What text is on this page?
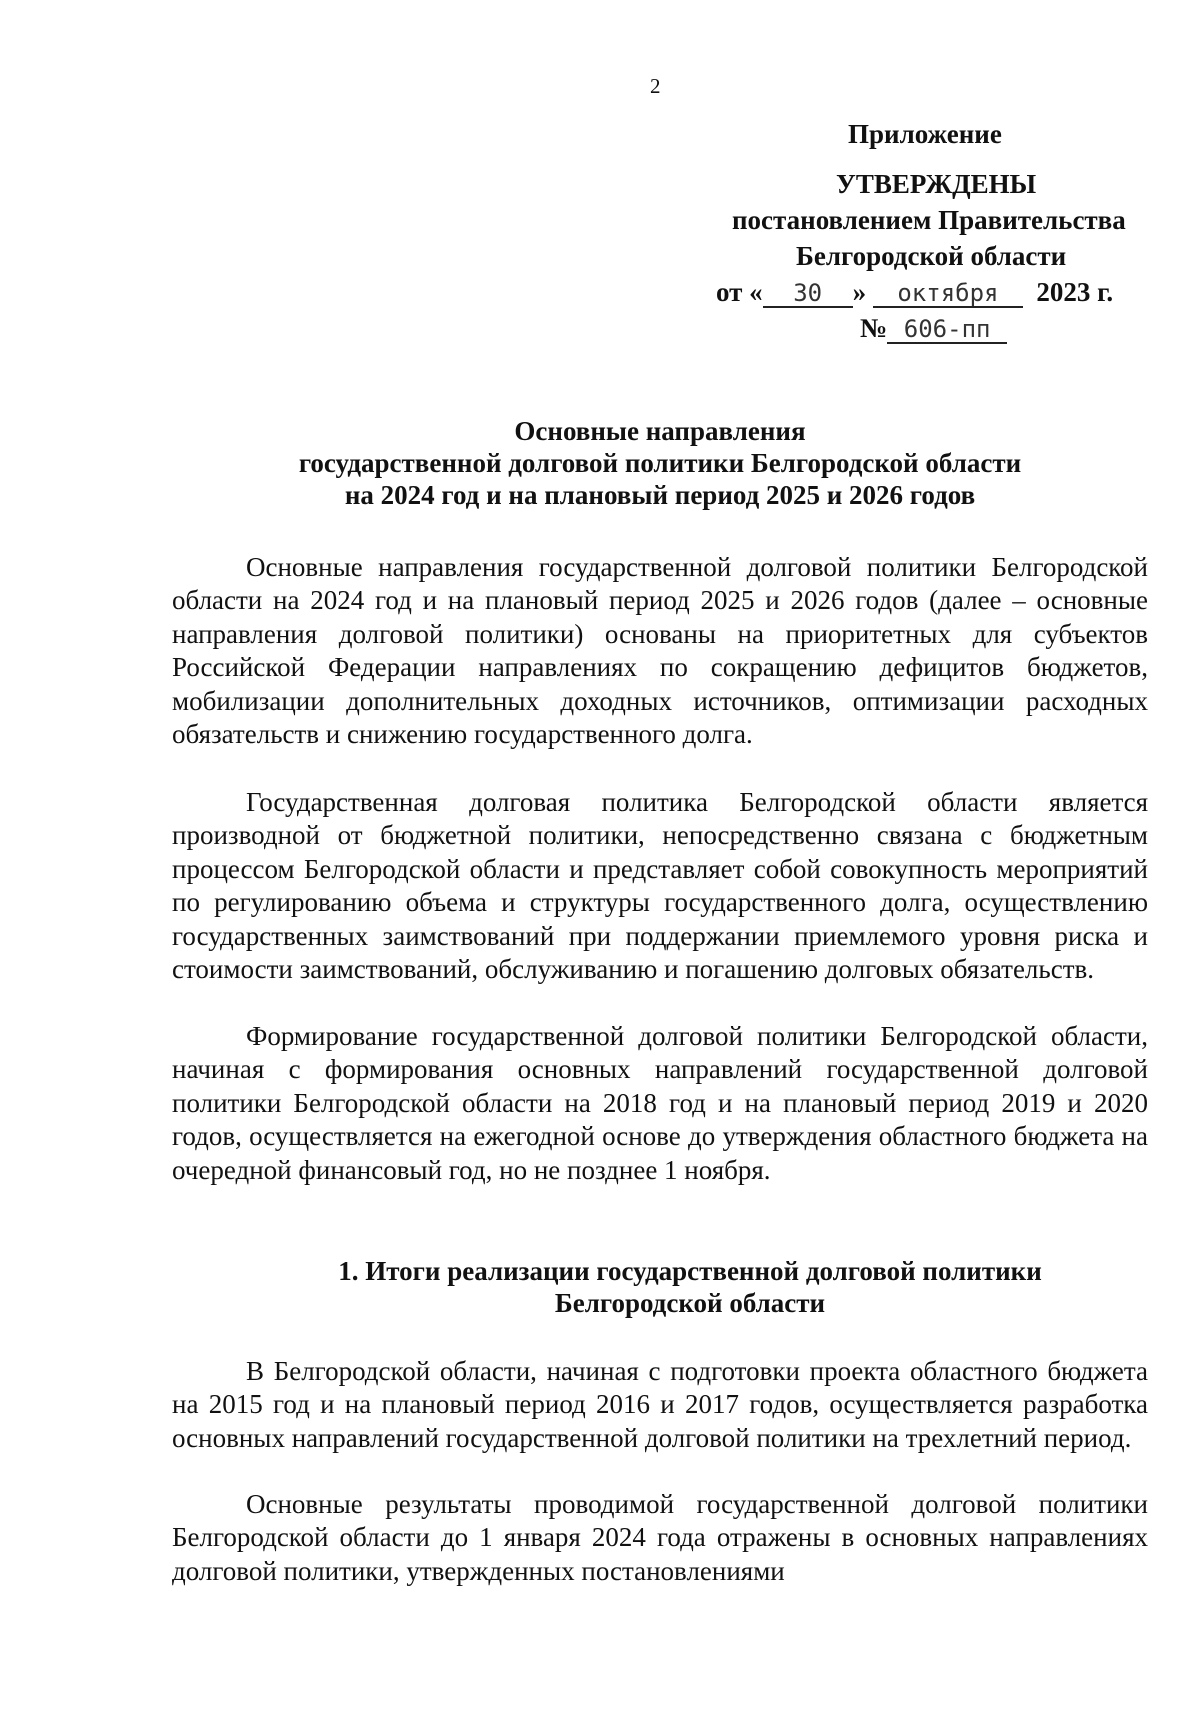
2
Приложение
УТВЕРЖДЕНЫ
постановлением Правительства
Белгородской области
от « 30 » октября 2023 г.
№ 606-пп
Основные направления
государственной долговой политики Белгородской области
на 2024 год и на плановый период 2025 и 2026 годов
Основные направления государственной долговой политики Белгородской области на 2024 год и на плановый период 2025 и 2026 годов (далее – основные направления долговой политики) основаны на приоритетных для субъектов Российской Федерации направлениях по сокращению дефицитов бюджетов, мобилизации дополнительных доходных источников, оптимизации расходных обязательств и снижению государственного долга.
Государственная долговая политика Белгородской области является производной от бюджетной политики, непосредственно связана с бюджетным процессом Белгородской области и представляет собой совокупность мероприятий по регулированию объема и структуры государственного долга, осуществлению государственных заимствований при поддержании приемлемого уровня риска и стоимости заимствований, обслуживанию и погашению долговых обязательств.
Формирование государственной долговой политики Белгородской области, начиная с формирования основных направлений государственной долговой политики Белгородской области на 2018 год и на плановый период 2019 и 2020 годов, осуществляется на ежегодной основе до утверждения областного бюджета на очередной финансовый год, но не позднее 1 ноября.
1. Итоги реализации государственной долговой политики
Белгородской области
В Белгородской области, начиная с подготовки проекта областного бюджета на 2015 год и на плановый период 2016 и 2017 годов, осуществляется разработка основных направлений государственной долговой политики на трехлетний период.
Основные результаты проводимой государственной долговой политики Белгородской области до 1 января 2024 года отражены в основных направлениях долговой политики, утвержденных постановлениями
